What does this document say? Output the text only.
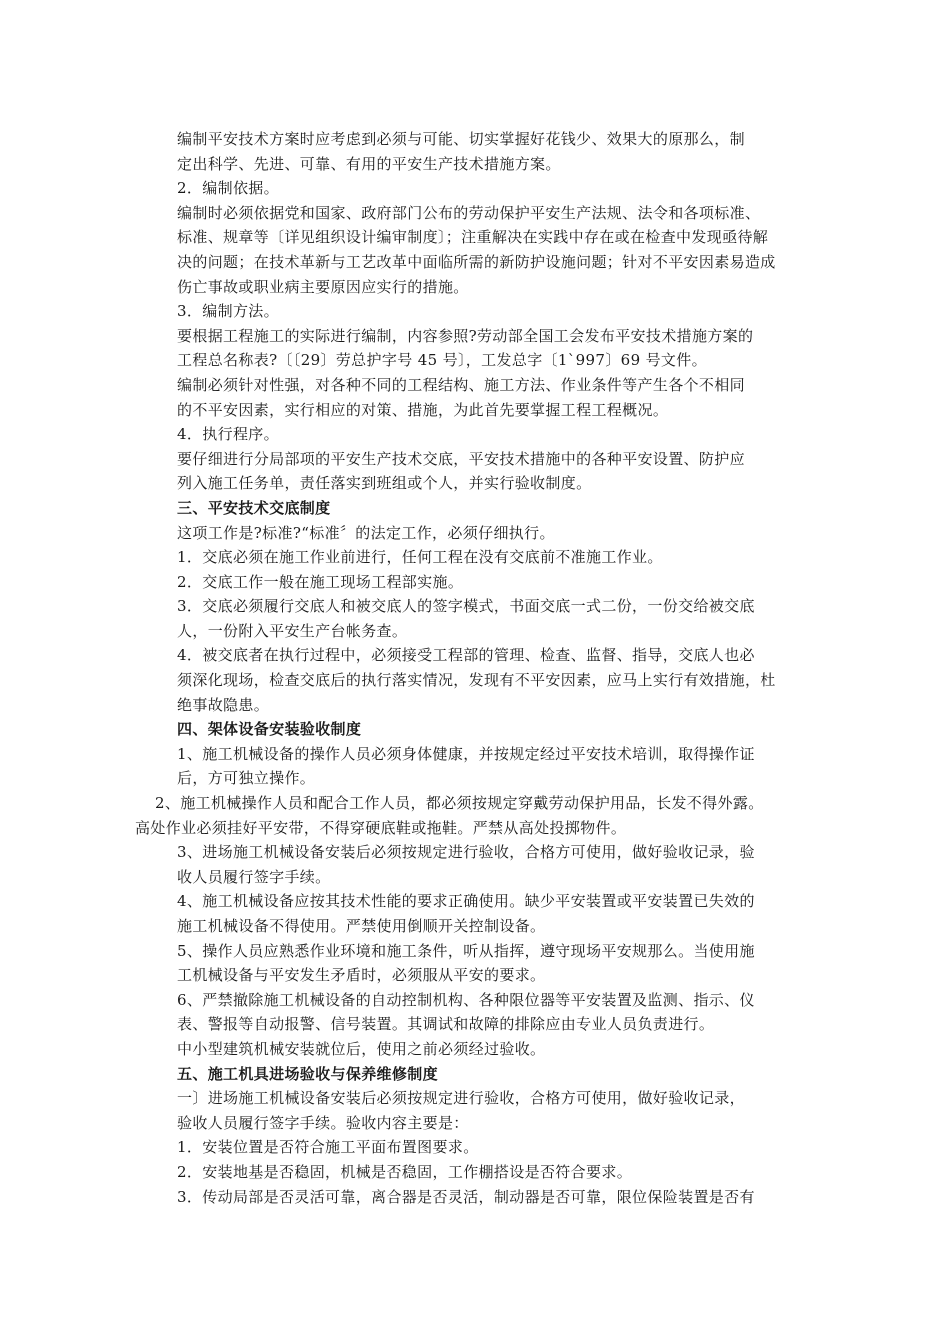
编制平安技术方案时应考虑到必须与可能、切实掌握好花钱少、效果大的原那么，制
定出科学、先进、可靠、有用的平安生产技术措施方案。

2．编制依据。

编制时必须依据党和国家、政府部门公布的劳动保护平安生产法规、法令和各项标准、
标准、规章等〔详见组织设计编审制度〕；注重解决在实践中存在或在检查中发现亟待解
决的问题；在技术革新与工艺改革中面临所需的新防护设施问题；针对不平安因素易造成
伤亡事故或职业病主要原因应实行的措施。

3．编制方法。

要根据工程施工的实际进行编制，内容参照?劳动部全国工会发布平安技术措施方案的
工程总名称表?〔〔29〕劳总护字号 45 号〕，工发总字〔1`997〕69 号文件。

编制必须针对性强，对各种不同的工程结构、施工方法、作业条件等产生各个不相同
的不平安因素，实行相应的对策、措施，为此首先要掌握工程工程概况。

4．执行程序。

要仔细进行分局部项的平安生产技术交底，平安技术措施中的各种平安设置、防护应
列入施工任务单，责任落实到班组或个人，并实行验收制度。

三、平安技术交底制度

这项工作是?标准?“标准〞的法定工作，必须仔细执行。

1．交底必须在施工作业前进行，任何工程在没有交底前不准施工作业。

2．交底工作一般在施工现场工程部实施。

3．交底必须履行交底人和被交底人的签字模式，书面交底一式二份，一份交给被交底
人，一份附入平安生产台帐务查。

4．被交底者在执行过程中，必须接受工程部的管理、检查、监督、指导，交底人也必
须深化现场，检查交底后的执行落实情况，发现有不平安因素，应马上实行有效措施，杜
绝事故隐患。

四、架体设备安装验收制度

1、施工机械设备的操作人员必须身体健康，并按规定经过平安技术培训，取得操作证
后，方可独立操作。

2、施工机械操作人员和配合工作人员，都必须按规定穿戴劳动保护用品，长发不得外露。
高处作业必须挂好平安带，不得穿硬底鞋或拖鞋。严禁从高处投掷物件。

3、进场施工机械设备安装后必须按规定进行验收，合格方可使用，做好验收记录，验
收人员履行签字手续。

4、施工机械设备应按其技术性能的要求正确使用。缺少平安装置或平安装置已失效的
施工机械设备不得使用。严禁使用倒顺开关控制设备。

5、操作人员应熟悉作业环境和施工条件，听从指挥，遵守现场平安规那么。当使用施
工机械设备与平安发生矛盾时，必须服从平安的要求。

6、严禁撤除施工机械设备的自动控制机构、各种限位器等平安装置及监测、指示、仪
表、警报等自动报警、信号装置。其调试和故障的排除应由专业人员负责进行。

中小型建筑机械安装就位后，使用之前必须经过验收。

五、施工机具进场验收与保养维修制度

一〕进场施工机械设备安装后必须按规定进行验收，合格方可使用，做好验收记录，
验收人员履行签字手续。验收内容主要是：

1．安装位置是否符合施工平面布置图要求。

2．安装地基是否稳固，机械是否稳固，工作棚搭设是否符合要求。

3．传动局部是否灵活可靠，离合器是否灵活，制动器是否可靠，限位保险装置是否有
